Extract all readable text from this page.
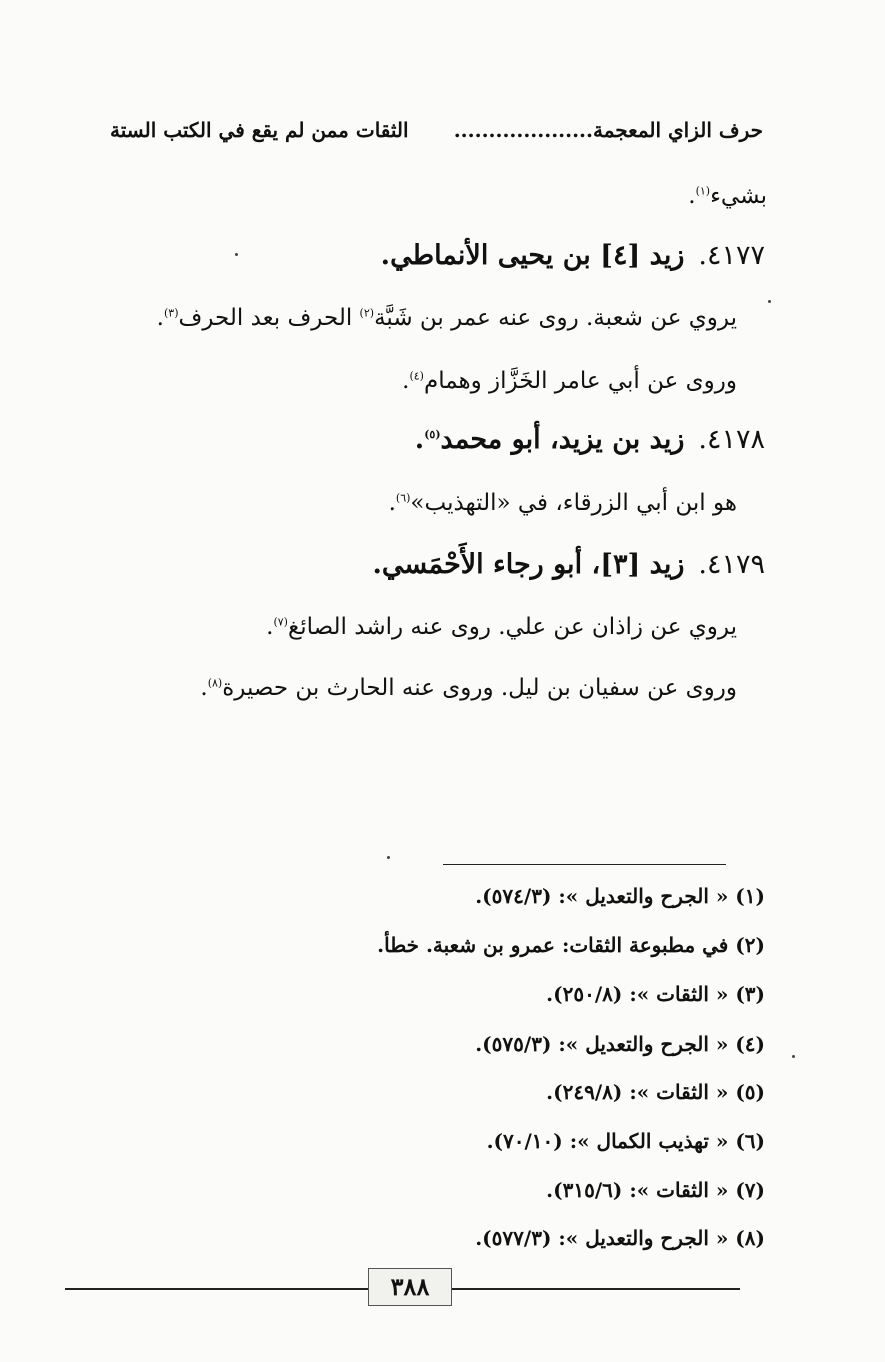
حرف الزاي المعجمة....................
الثقات ممن لم يقع في الكتب الستة
بشيء$^{(١)}$.
٤١٧٧.زيد [٤] بن يحيى الأنماطي.
يروي عن شعبة. روى عنه عمر بن شَبَّة$^{(٢)}$ الحرف بعد الحرف$^{(٣)}$.
وروى عن أبي عامر الخَزَّاز وهمام$^{(٤)}$.
٤١٧٨.زيد بن يزيد، أبو محمد$^{(٥)}$.
هو ابن أبي الزرقاء، في «التهذيب»$^{(٦)}$.
٤١٧٩.زيد [٣]، أبو رجاء الأَحْمَسي.
يروي عن زاذان عن علي. روى عنه راشد الصائغ$^{(٧)}$.
وروى عن سفيان بن ليل. وروى عنه الحارث بن حصيرة$^{(٨)}$.
(١) « الجرح والتعديل »: (٥٧٤/٣).
(٢) في مطبوعة الثقات: عمرو بن شعبة. خطأ.
(٣) « الثقات »: (٢٥٠/٨).
(٤) « الجرح والتعديل »: (٥٧٥/٣).
(٥) « الثقات »: (٢٤٩/٨).
(٦) « تهذيب الكمال »: (٧٠/١٠).
(٧) « الثقات »: (٣١٥/٦).
(٨) « الجرح والتعديل »: (٥٧٧/٣).
٣٨٨
